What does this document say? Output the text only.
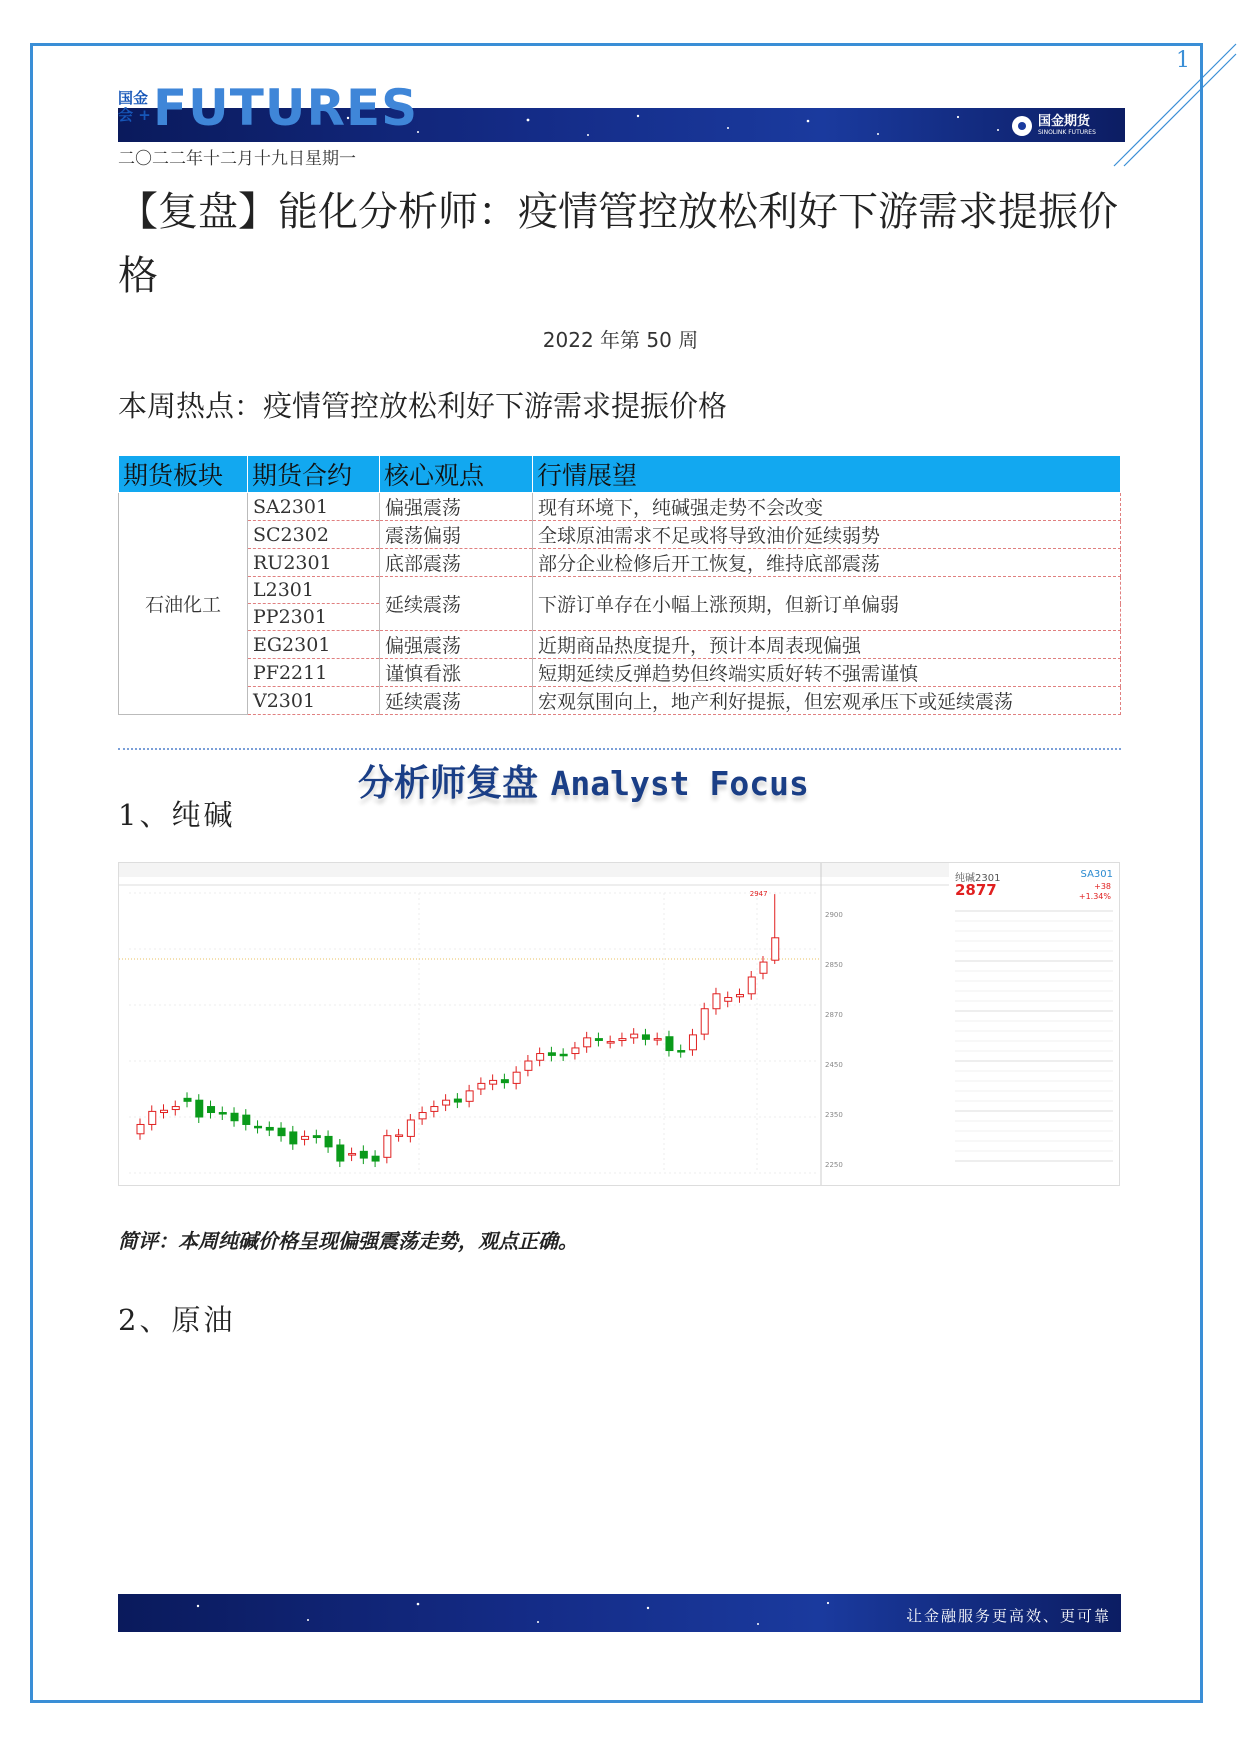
1
国金
会 + FUTURES	国金期货
SINOLINK FUTURES
二〇二二年十二月十九日星期一
【复盘】能化分析师：疫情管控放松利好下游需求提振价格
2022 年第 50 周
本周热点：疫情管控放松利好下游需求提振价格
期货板块	期货合约	核心观点	行情展望
石油化工	SA2301	偏强震荡	现有环境下，纯碱强走势不会改变
	SC2302	震荡偏弱	全球原油需求不足或将导致油价延续弱势
	RU2301	底部震荡	部分企业检修后开工恢复，维持底部震荡
	L2301	延续震荡	下游订单存在小幅上涨预期，但新订单偏弱
	PP2301		
	EG2301	偏强震荡	近期商品热度提升，预计本周表现偏强
	PF2211	谨慎看涨	短期延续反弹趋势但终端实质好转不强需谨慎
	V2301	延续震荡	宏观氛围向上，地产利好提振，但宏观承压下或延续震荡
分析师复盘 Analyst Focus
1、纯碱
2900
2850
2870
2450
2350
2250
2947
纯碱2301	SA301
2877	+38
+1.34%
简评：本周纯碱价格呈现偏强震荡走势，观点正确。
2、原油
让金融服务更高效、更可靠
